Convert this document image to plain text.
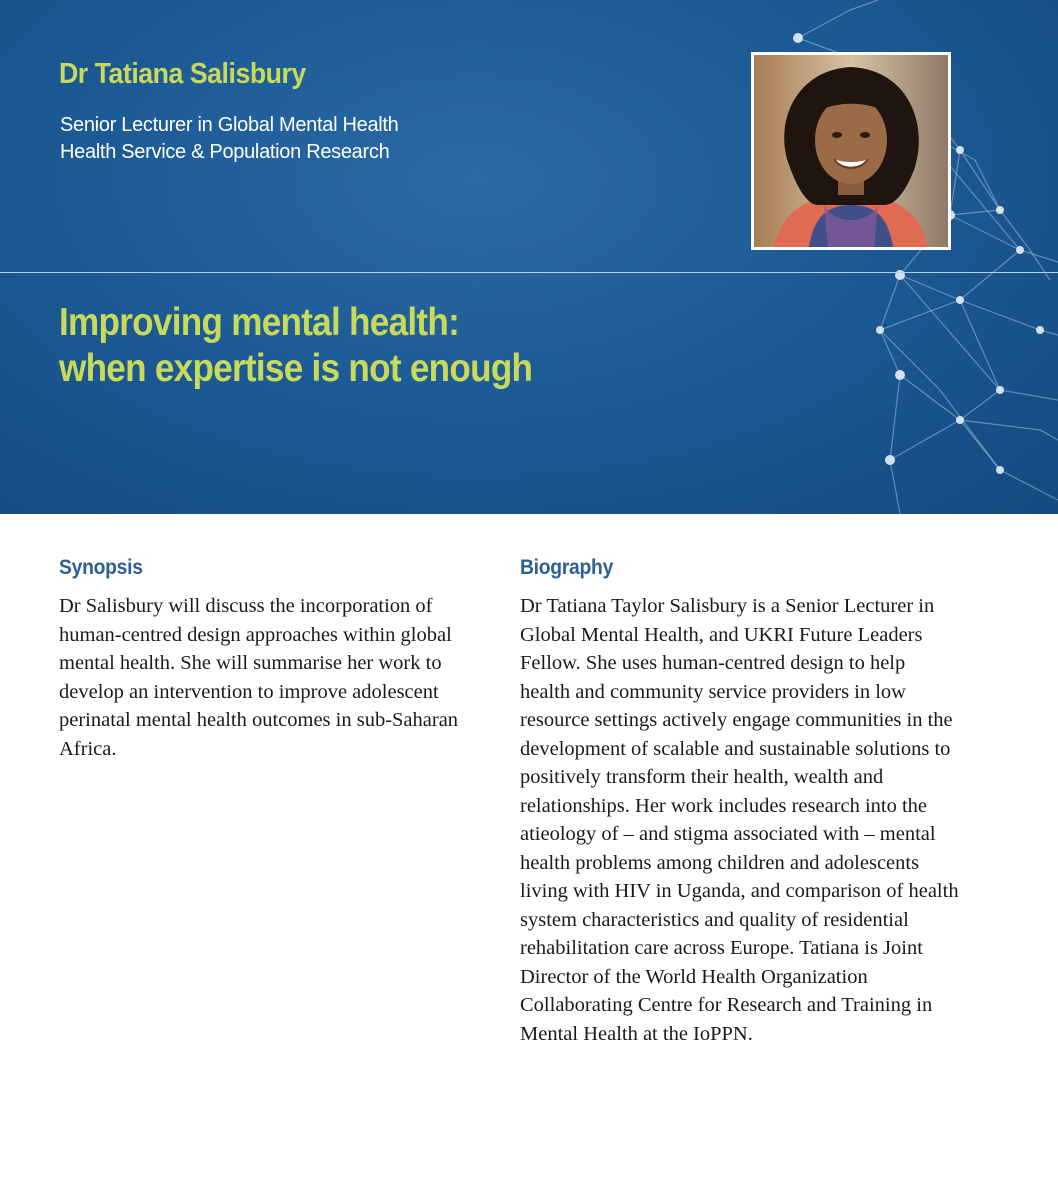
Dr Tatiana Salisbury

Senior Lecturer in Global Mental Health

Health Service & Population Research

Improving mental health:
when expertise is not enough
Synopsis

Dr Salisbury will discuss the incorporation of human-centred design approaches within global mental health. She will summarise her work to develop an intervention to improve adolescent perinatal mental health outcomes in sub-Saharan Africa.

Biography

Dr Tatiana Taylor Salisbury is a Senior Lecturer in Global Mental Health, and UKRI Future Leaders Fellow. She uses human-centred design to help health and community service providers in low resource settings actively engage communities in the development of scalable and sustainable solutions to positively transform their health, wealth and relationships. Her work includes research into the atieology of – and stigma associated with – mental health problems among children and adolescents living with HIV in Uganda, and comparison of health system characteristics and quality of residential rehabilitation care across Europe. Tatiana is Joint Director of the World Health Organization Collaborating Centre for Research and Training in Mental Health at the IoPPN.
